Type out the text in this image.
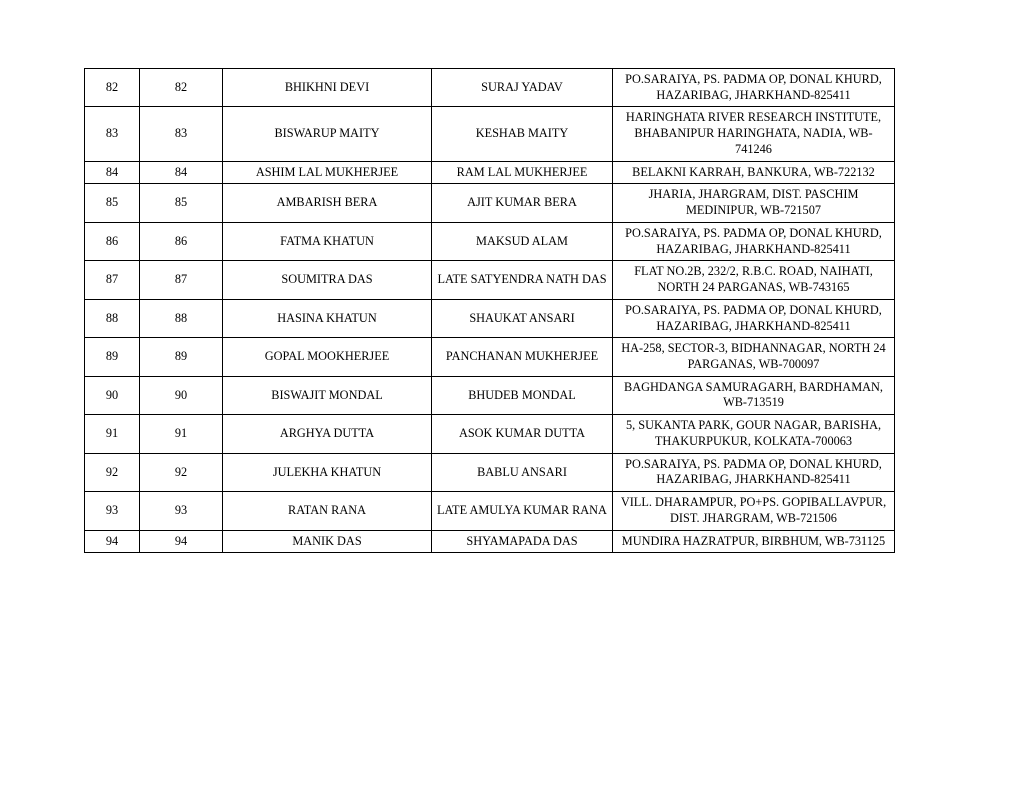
82	82	BHIKHNI DEVI	SURAJ YADAV	PO.SARAIYA, PS. PADMA OP, DONAL KHURD, HAZARIBAG, JHARKHAND-825411
83	83	BISWARUP MAITY	KESHAB MAITY	HARINGHATA RIVER RESEARCH INSTITUTE, BHABANIPUR HARINGHATA, NADIA, WB-741246
84	84	ASHIM LAL MUKHERJEE	RAM LAL MUKHERJEE	BELAKNI KARRAH, BANKURA, WB-722132
85	85	AMBARISH BERA	AJIT KUMAR BERA	JHARIA, JHARGRAM, DIST. PASCHIM MEDINIPUR, WB-721507
86	86	FATMA KHATUN	MAKSUD ALAM	PO.SARAIYA, PS. PADMA OP, DONAL KHURD, HAZARIBAG, JHARKHAND-825411
87	87	SOUMITRA DAS	LATE SATYENDRA NATH DAS	FLAT NO.2B, 232/2, R.B.C. ROAD, NAIHATI, NORTH 24 PARGANAS, WB-743165
88	88	HASINA KHATUN	SHAUKAT ANSARI	PO.SARAIYA, PS. PADMA OP, DONAL KHURD, HAZARIBAG, JHARKHAND-825411
89	89	GOPAL MOOKHERJEE	PANCHANAN MUKHERJEE	HA-258, SECTOR-3, BIDHANNAGAR, NORTH 24 PARGANAS, WB-700097
90	90	BISWAJIT MONDAL	BHUDEB MONDAL	BAGHDANGA SAMURAGARH, BARDHAMAN, WB-713519
91	91	ARGHYA DUTTA	ASOK KUMAR DUTTA	5, SUKANTA PARK, GOUR NAGAR, BARISHA, THAKURPUKUR, KOLKATA-700063
92	92	JULEKHA KHATUN	BABLU ANSARI	PO.SARAIYA, PS. PADMA OP, DONAL KHURD, HAZARIBAG, JHARKHAND-825411
93	93	RATAN RANA	LATE AMULYA KUMAR RANA	VILL. DHARAMPUR, PO+PS. GOPIBALLAVPUR, DIST. JHARGRAM, WB-721506
94	94	MANIK DAS	SHYAMAPADA DAS	MUNDIRA HAZRATPUR, BIRBHUM, WB-731125
